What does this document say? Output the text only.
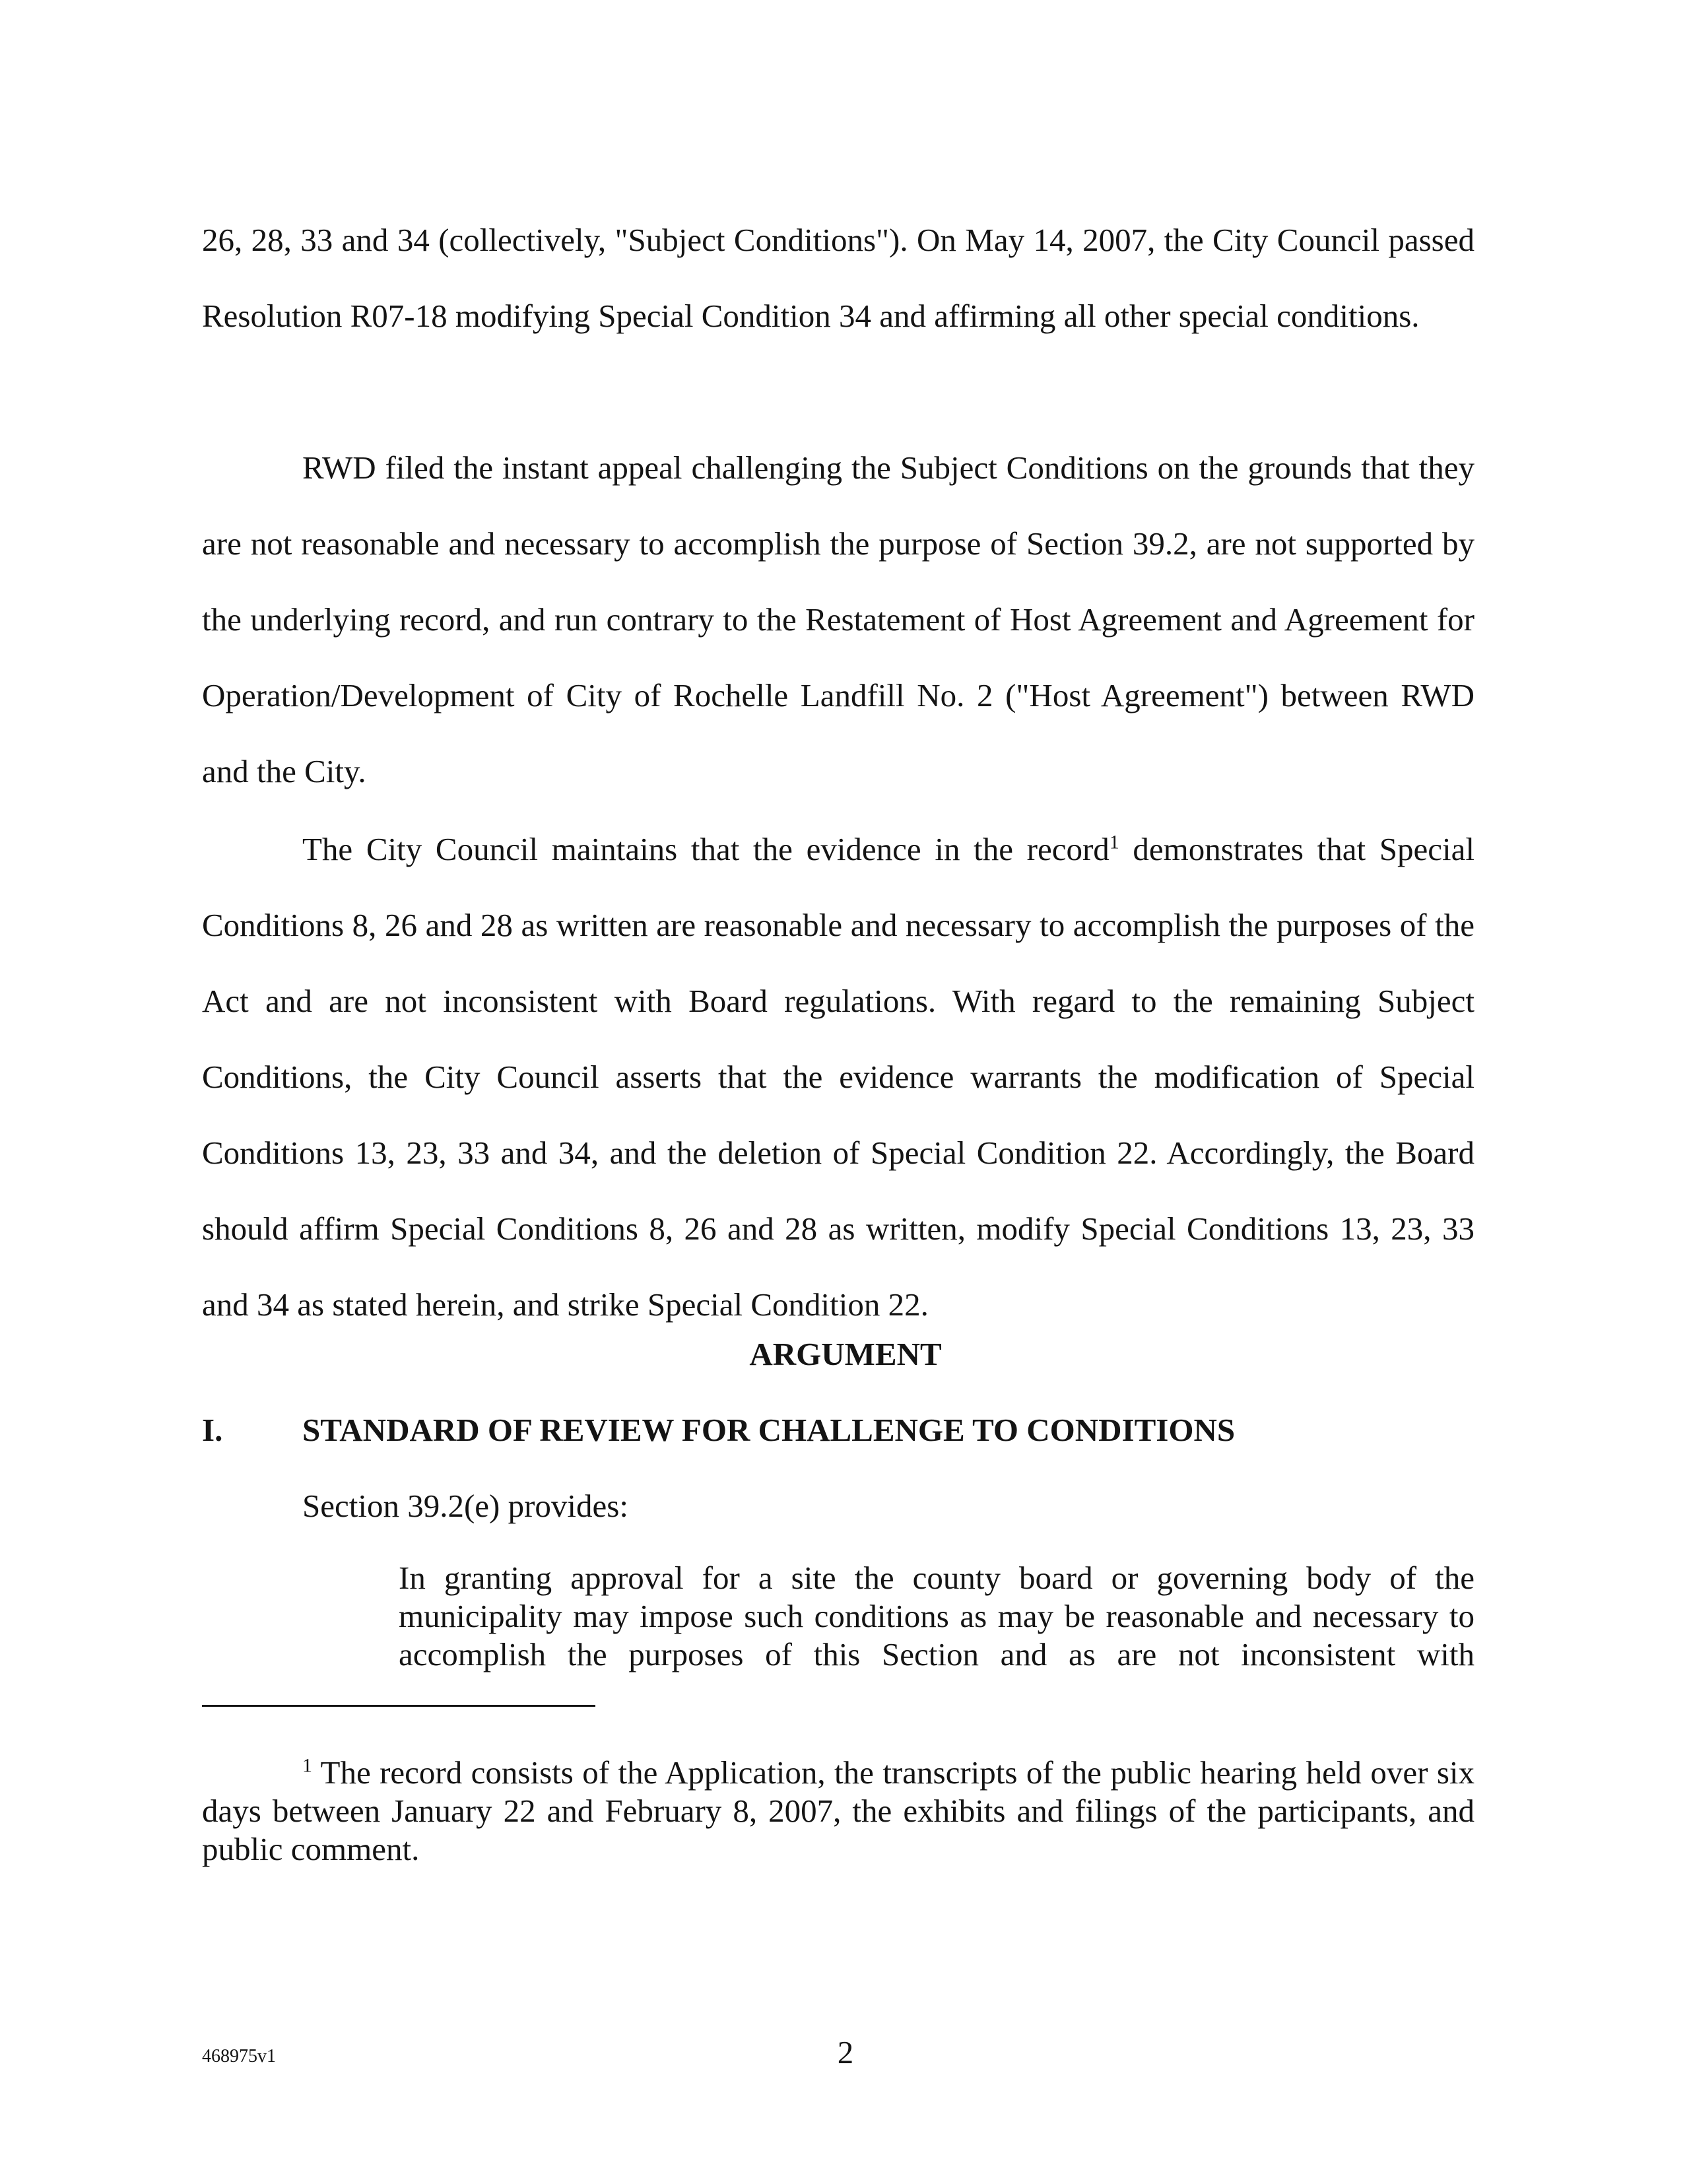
26, 28, 33 and 34 (collectively, "Subject Conditions"). On May 14, 2007, the City Council passed Resolution R07-18 modifying Special Condition 34 and affirming all other special conditions.

RWD filed the instant appeal challenging the Subject Conditions on the grounds that they are not reasonable and necessary to accomplish the purpose of Section 39.2, are not supported by the underlying record, and run contrary to the Restatement of Host Agreement and Agreement for Operation/Development of City of Rochelle Landfill No. 2 ("Host Agreement") between RWD and the City.

The City Council maintains that the evidence in the record$^1$ demonstrates that Special Conditions 8, 26 and 28 as written are reasonable and necessary to accomplish the purposes of the Act and are not inconsistent with Board regulations. With regard to the remaining Subject Conditions, the City Council asserts that the evidence warrants the modification of Special Conditions 13, 23, 33 and 34, and the deletion of Special Condition 22. Accordingly, the Board should affirm Special Conditions 8, 26 and 28 as written, modify Special Conditions 13, 23, 33 and 34 as stated herein, and strike Special Condition 22.

ARGUMENT
I. STANDARD OF REVIEW FOR CHALLENGE TO CONDITIONS
Section 39.2(e) provides:
In granting approval for a site the county board or governing body of the municipality may impose such conditions as may be reasonable and necessary to accomplish the purposes of this Section and as are not inconsistent with

$^1$ The record consists of the Application, the transcripts of the public hearing held over six days between January 22 and February 8, 2007, the exhibits and filings of the participants, and public comment.

468975v1	2
